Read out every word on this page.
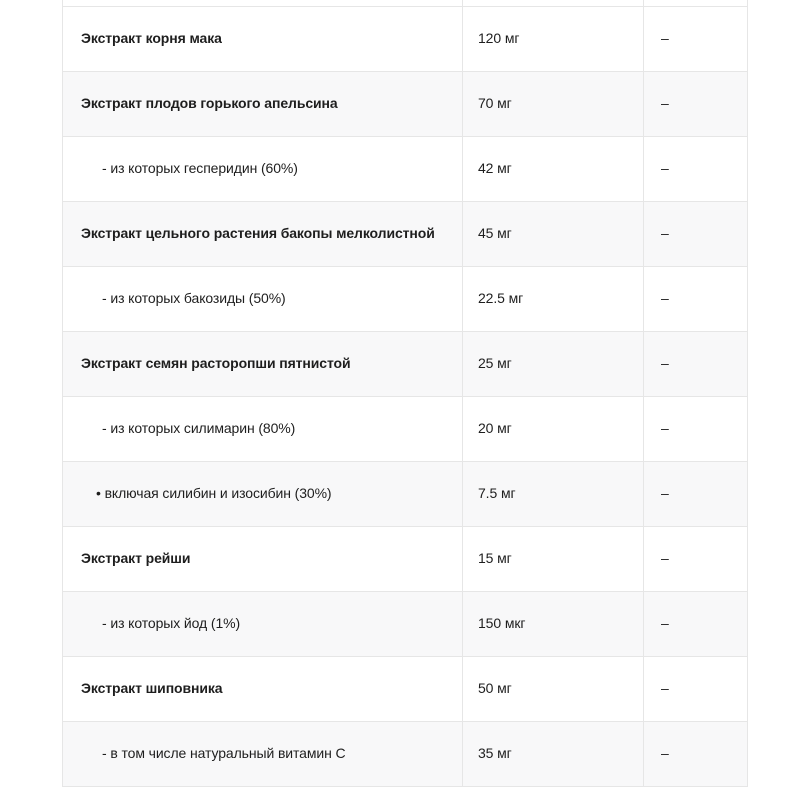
Экстракт корня мака	120 мг	–
Экстракт плодов горького апельсина	70 мг	–
- из которых гесперидин (60%)	42 мг	–
Экстракт цельного растения бакопы мелколистной	45 мг	–
- из которых бакозиды (50%)	22.5 мг	–
Экстракт семян расторопши пятнистой	25 мг	–
- из которых силимарин (80%)	20 мг	–
• включая силибин и изосибин (30%)	7.5 мг	–
Экстракт рейши	15 мг	–
- из которых йод (1%)	150 мкг	–
Экстракт шиповника	50 мг	–
- в том числе натуральный витамин C	35 мг	–
